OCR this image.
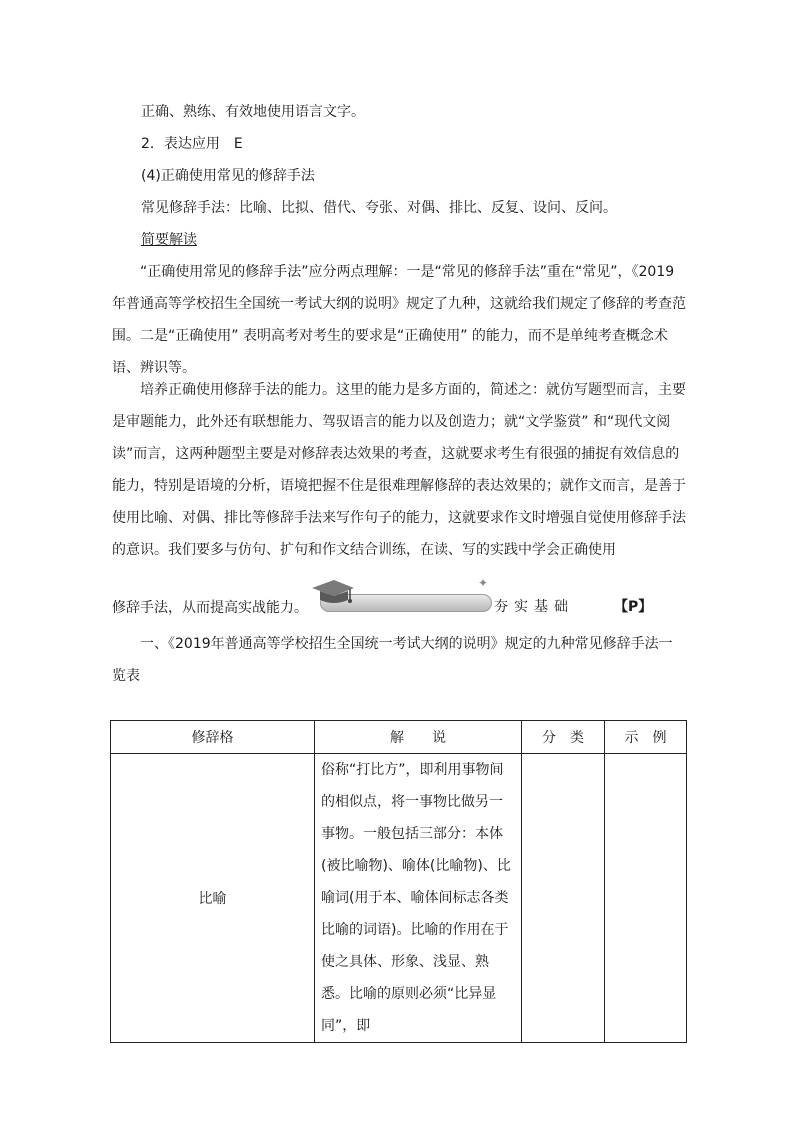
正确、熟练、有效地使用语言文字。

2．表达应用　E

(4)正确使用常见的修辞手法

常见修辞手法：比喻、比拟、借代、夸张、对偶、排比、反复、设问、反问。

简要解读

“正确使用常见的修辞手法”应分两点理解：一是“常见的修辞手法”重在“常见”，《2019年普通高等学校招生全国统一考试大纲的说明》规定了九种，这就给我们规定了修辞的考查范围。二是“正确使用” 表明高考对考生的要求是“正确使用” 的能力，而不是单纯考查概念术语、辨识等。

培养正确使用修辞手法的能力。这里的能力是多方面的，简述之：就仿写题型而言，主要是审题能力，此外还有联想能力、驾驭语言的能力以及创造力；就“文学鉴赏” 和“现代文阅读”而言，这两种题型主要是对修辞表达效果的考查，这就要求考生有很强的捕捉有效信息的能力，特别是语境的分析，语境把握不住是很难理解修辞的表达效果的；就作文而言，是善于使用比喻、对偶、排比等修辞手法来写作句子的能力，这就要求作文时增强自觉使用修辞手法的意识。我们要多与仿句、扩句和作文结合训练，在读、写的实践中学会正确使用

修辞手法，从而提高实战能力。

✦
夯实基础	【P】

一、《2019年普通高等学校招生全国统一考试大纲的说明》规定的九种常见修辞手法一览表

修辞格	解　　说	分　类	示　例
比喻	俗称“打比方”，即利用事物间的相似点，将一事物比做另一事物。一般包括三部分：本体(被比喻物)、喻体(比喻物)、比喻词(用于本、喻体间标志各类比喻的词语)。比喻的作用在于使之具体、形象、浅显、熟悉。比喻的原则必须“比异显同”，即		
